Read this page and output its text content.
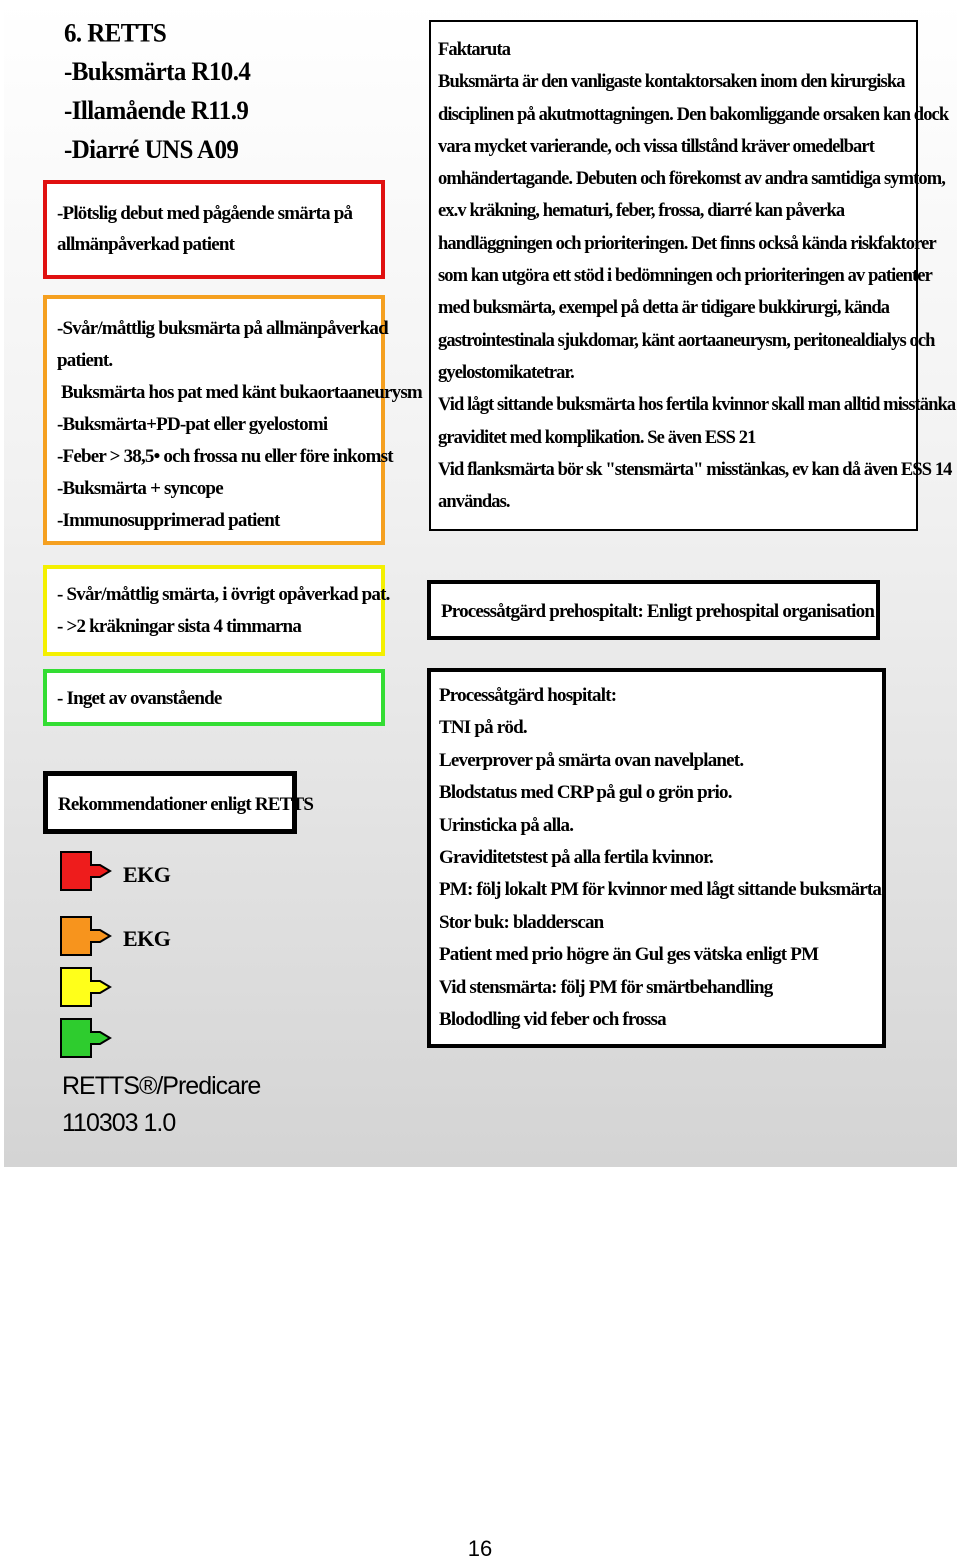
6. RETTS
-Buksmärta R10.4
-Illamående R11.9
-Diarré UNS A09
-Plötslig debut med pågående smärta på
allmänpåverkad patient
-Svår/måttlig buksmärta på allmänpåverkad
patient.
Buksmärta hos pat med känt bukaortaaneurysm
-Buksmärta+PD-pat eller gyelostomi
-Feber > 38,5• och frossa nu eller före inkomst
-Buksmärta + syncope
-Immunosupprimerad patient
- Svår/måttlig smärta, i övrigt opåverkad pat.
- >2 kräkningar sista 4 timmarna
- Inget av ovanstående
Rekommendationer enligt RETTS
EKG
EKG
RETTS®/Predicare
110303 1.0
Faktaruta
Buksmärta är den vanligaste kontaktorsaken inom den kirurgiska
disciplinen på akutmottagningen. Den bakomliggande orsaken kan dock
vara mycket varierande, och vissa tillstånd kräver omedelbart
omhändertagande. Debuten och förekomst av andra samtidiga symtom,
ex.v kräkning, hematuri, feber, frossa, diarré kan påverka
handläggningen och prioriteringen. Det finns också kända riskfaktorer
som kan utgöra ett stöd i bedömningen och prioriteringen av patienter
med buksmärta, exempel på detta är tidigare bukkirurgi, kända
gastrointestinala sjukdomar, känt aortaaneurysm, peritonealdialys och
gyelostomikatetrar.
Vid lågt sittande buksmärta hos fertila kvinnor skall man alltid misstänka
graviditet med komplikation. Se även ESS 21
Vid flanksmärta bör sk "stensmärta" misstänkas, ev kan då även ESS 14
användas.
Processåtgärd prehospitalt: Enligt prehospital organisation
Processåtgärd hospitalt:
TNI på röd.
Leverprover på smärta ovan navelplanet.
Blodstatus med CRP på gul o grön prio.
Urinsticka på alla.
Graviditetstest på alla fertila kvinnor.
PM: följ lokalt PM för kvinnor med lågt sittande buksmärta.
Stor buk: bladderscan
Patient med prio högre än Gul ges vätska enligt PM
Vid stensmärta: följ PM för smärtbehandling
Blododling vid feber och frossa
16
